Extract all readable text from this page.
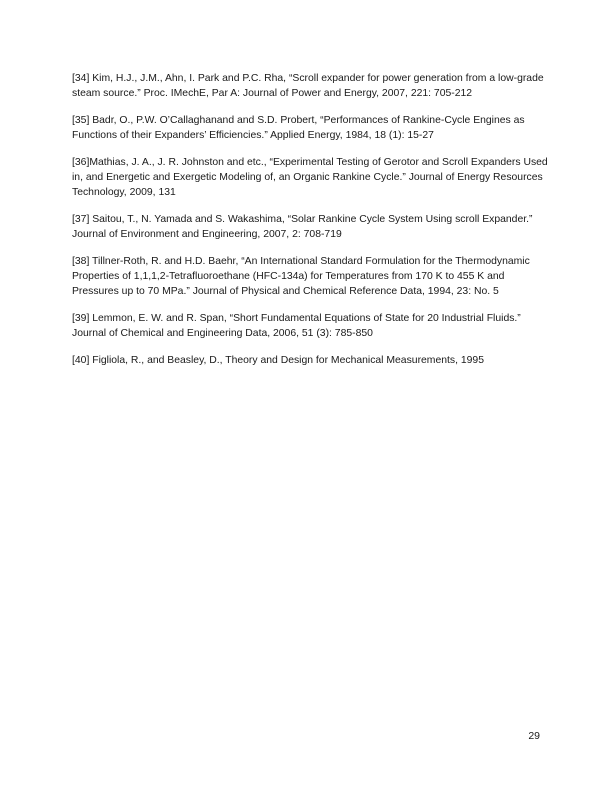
[34] Kim, H.J., J.M., Ahn, I. Park and P.C. Rha, “Scroll expander for power generation from a low-grade steam source.” Proc. IMechE, Par A: Journal of Power and Energy, 2007, 221: 705-212
[35] Badr, O., P.W. O’Callaghanand and S.D. Probert, “Performances of Rankine-Cycle Engines as Functions of their Expanders’ Efficiencies.” Applied Energy, 1984, 18 (1): 15-27
[36]Mathias, J. A., J. R. Johnston and etc., “Experimental Testing of Gerotor and Scroll Expanders Used in, and Energetic and Exergetic Modeling of, an Organic Rankine Cycle.” Journal of Energy Resources Technology, 2009, 131
[37] Saitou, T., N. Yamada and S. Wakashima, “Solar Rankine Cycle System Using scroll Expander.” Journal of Environment and Engineering, 2007, 2: 708-719
[38] Tillner-Roth, R. and H.D. Baehr, “An International Standard Formulation for the Thermodynamic Properties of 1,1,1,2-Tetrafluoroethane (HFC-134a) for Temperatures from 170 K to 455 K and Pressures up to 70 MPa.” Journal of Physical and Chemical Reference Data, 1994, 23: No. 5
[39] Lemmon, E. W. and R. Span, “Short Fundamental Equations of State for 20 Industrial Fluids.” Journal of Chemical and Engineering Data, 2006, 51 (3): 785-850
[40] Figliola, R., and Beasley, D., Theory and Design for Mechanical Measurements, 1995
29
